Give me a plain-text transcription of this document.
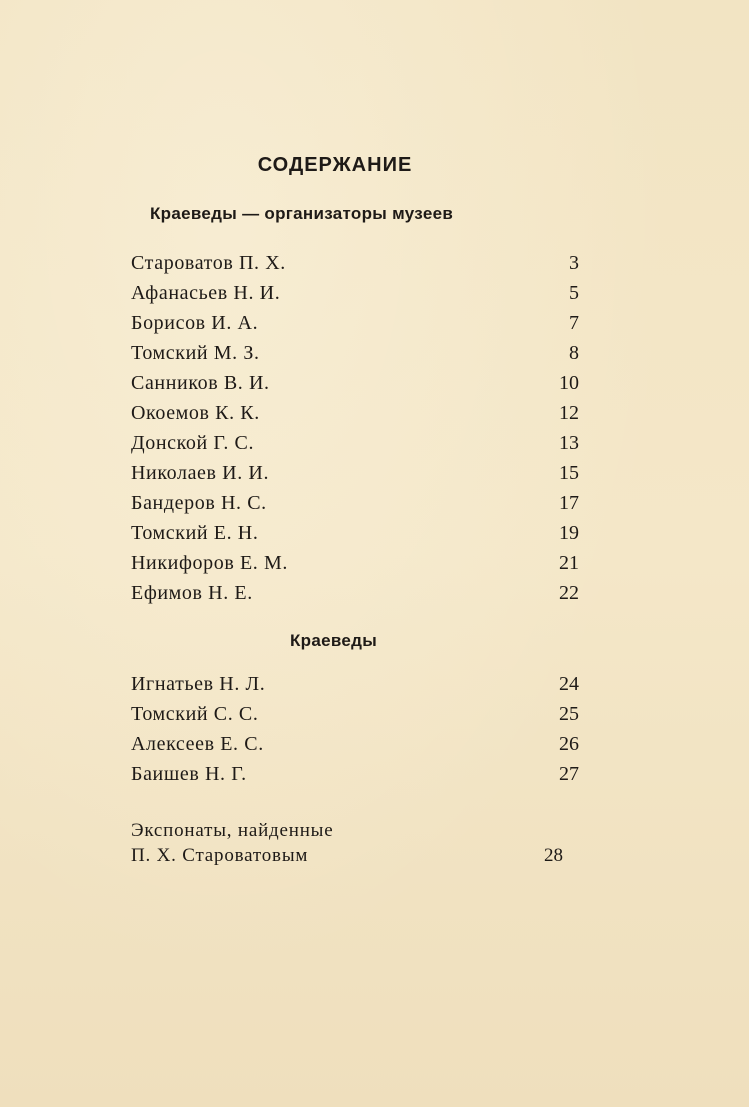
СОДЕРЖАНИЕ
Краеведы — организаторы музеев
Староватов П. Х.	3
Афанасьев Н. И.	5
Борисов И. А.	7
Томский М. З.	8
Санников В. И.	10
Окоемов К. К.	12
Донской Г. С.	13
Николаев И. И.	15
Бандеров Н. С.	17
Томский Е. Н.	19
Никифоров Е. М.	21
Ефимов Н. Е.	22
Краеведы
Игнатьев Н. Л.	24
Томский С. С.	25
Алексеев Е. С.	26
Баишев Н. Г.	27
Экспонаты, найденные
П. Х. Староватовым	28
